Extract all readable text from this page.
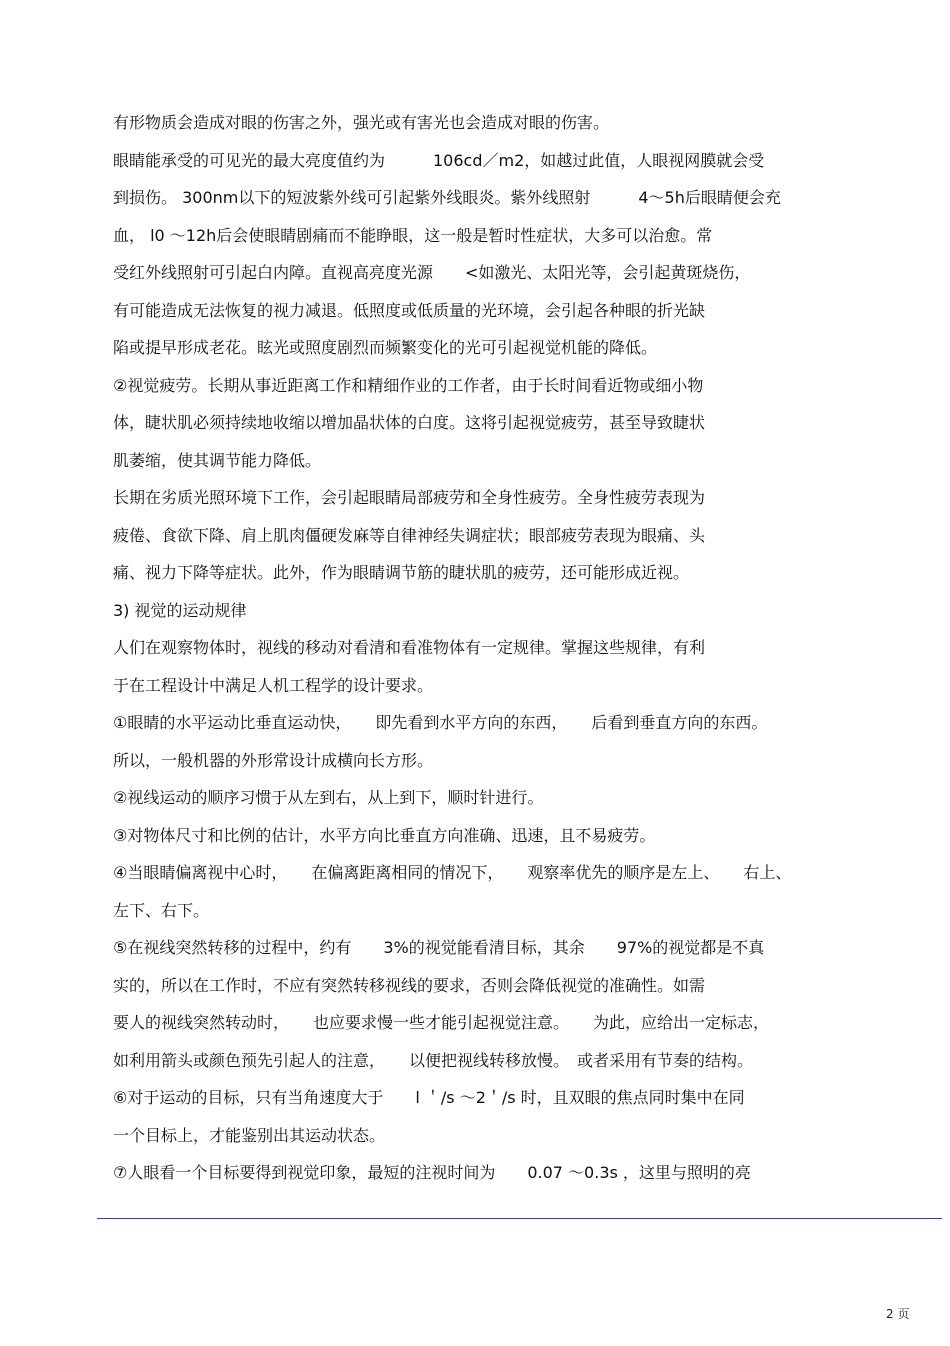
有形物质会造成对眼的伤害之外，强光或有害光也会造成对眼的伤害。
眼睛能承受的可见光的最大亮度值约为　　　106cd／m2，如越过此值，人眼视网膜就会受
到损伤。 300nm以下的短波紫外线可引起紫外线眼炎。紫外线照射　　　4～5h后眼睛便会充
血， l0 ～12h后会使眼睛剧痛而不能睁眼，这一般是暂时性症状，大多可以治愈。常
受红外线照射可引起白内障。直视高亮度光源　　<如激光、太阳光等，会引起黄斑烧伤，
有可能造成无法恢复的视力减退。低照度或低质量的光环境，会引起各种眼的折光缺
陷或提早形成老花。眩光或照度剧烈而频繁变化的光可引起视觉机能的降低。
②视觉疲劳。长期从事近距离工作和精细作业的工作者，由于长时间看近物或细小物
体，睫状肌必须持续地收缩以增加晶状体的白度。这将引起视觉疲劳，甚至导致睫状
肌萎缩，使其调节能力降低。
长期在劣质光照环境下工作，会引起眼睛局部疲劳和全身性疲劳。全身性疲劳表现为
疲倦、食欲下降、肩上肌肉僵硬发麻等自律神经失调症状；眼部疲劳表现为眼痛、头
痛、视力下降等症状。此外，作为眼睛调节筋的睫状肌的疲劳，还可能形成近视。
3) 视觉的运动规律
人们在观察物体时，视线的移动对看清和看准物体有一定规律。掌握这些规律，有利
于在工程设计中满足人机工程学的设计要求。
①眼睛的水平运动比垂直运动快，　　即先看到水平方向的东西，　　后看到垂直方向的东西。
所以，一般机器的外形常设计成横向长方形。
②视线运动的顺序习惯于从左到右，从上到下，顺时针进行。
③对物体尺寸和比例的估计，水平方向比垂直方向准确、迅速，且不易疲劳。
④当眼睛偏离视中心时，　　在偏离距离相同的情况下，　　观察率优先的顺序是左上、　　右上、
左下、右下。
⑤在视线突然转移的过程中，约有　　3%的视觉能看清目标，其余　　97%的视觉都是不真
实的，所以在工作时，不应有突然转移视线的要求，否则会降低视觉的准确性。如需
要人的视线突然转动时，　　也应要求慢一些才能引起视觉注意。　　为此，应给出一定标志，
如利用箭头或颜色预先引起人的注意，　　以便把视线转移放慢。　或者采用有节奏的结构。
⑥对于运动的目标，只有当角速度大于　　l ＇/s ～2＇/s 时，且双眼的焦点同时集中在同
一个目标上，才能鉴别出其运动状态。
⑦人眼看一个目标要得到视觉印象，最短的注视时间为　　0.07 ～0.3s ，这里与照明的亮
2 页
